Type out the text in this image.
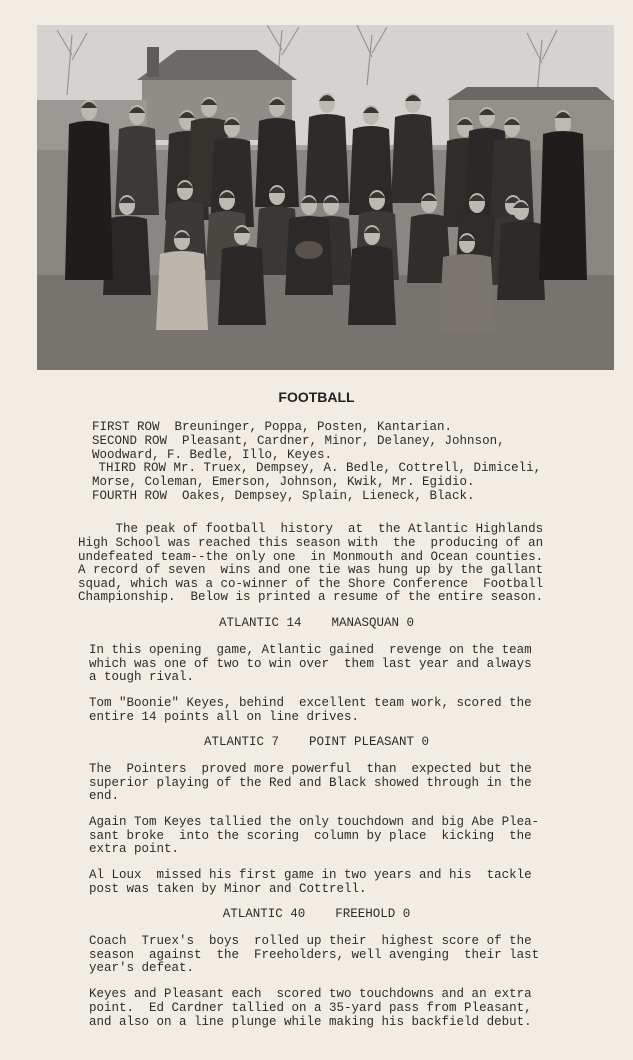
FOOTBALL
FIRST ROW  Breuninger, Poppa, Posten, Kantarian.
SECOND ROW  Pleasant, Cardner, Minor, Delaney, Johnson,
Woodward, F. Bedle, Illo, Keyes.
THIRD ROW Mr. Truex, Dempsey, A. Bedle, Cottrell, Dimiceli,
Morse, Coleman, Emerson, Johnson, Kwik, Mr. Egidio.
FOURTH ROW  Oakes, Dempsey, Splain, Lieneck, Black.
The peak of football  history  at  the Atlantic Highlands
High School was reached this season with  the  producing of an
undefeated team--the only one  in Monmouth and Ocean counties.
A record of seven  wins and one tie was hung up by the gallant
squad, which was a co-winner of the Shore Conference  Football
Championship.  Below is printed a resume of the entire season.
ATLANTIC 14    MANASQUAN 0
In this opening  game, Atlantic gained  revenge on the team
which was one of two to win over  them last year and always
a tough rival.
Tom "Boonie" Keyes, behind  excellent team work, scored the
entire 14 points all on line drives.
ATLANTIC 7    POINT PLEASANT 0
The  Pointers  proved more powerful  than  expected but the
superior playing of the Red and Black showed through in the
end.
Again Tom Keyes tallied the only touchdown and big Abe Plea-
sant broke  into the scoring  column by place  kicking  the
extra point.
Al Loux  missed his first game in two years and his  tackle
post was taken by Minor and Cottrell.
ATLANTIC 40    FREEHOLD 0
Coach  Truex's  boys  rolled up their  highest score of the
season  against  the  Freeholders, well avenging  their last
year's defeat.
Keyes and Pleasant each  scored two touchdowns and an extra
point.  Ed Cardner tallied on a 35-yard pass from Pleasant,
and also on a line plunge while making his backfield debut.
